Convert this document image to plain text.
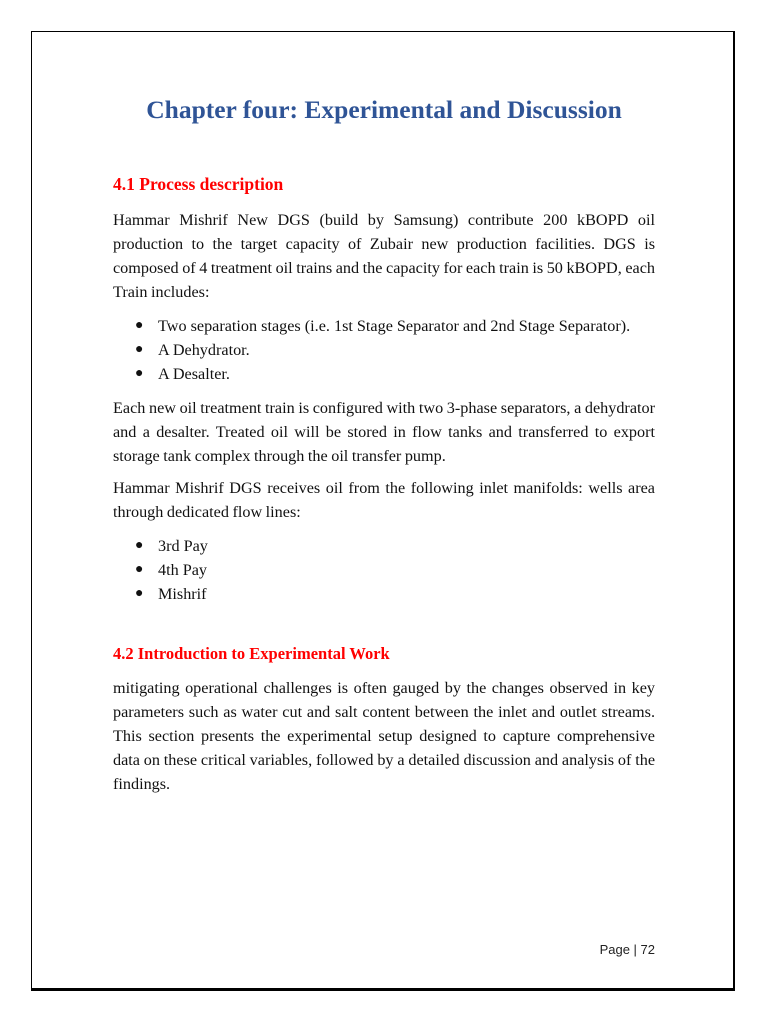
Chapter four: Experimental and Discussion
4.1 Process description

Hammar Mishrif New DGS (build by Samsung) contribute 200 kBOPD oil production to the target capacity of Zubair new production facilities. DGS is composed of 4 treatment oil trains and the capacity for each train is 50 kBOPD, each Train includes:

● Two separation stages (i.e. 1st Stage Separator and 2nd Stage Separator).
● A Dehydrator.
● A Desalter.

Each new oil treatment train is configured with two 3-phase separators, a dehydrator and a desalter. Treated oil will be stored in flow tanks and transferred to export storage tank complex through the oil transfer pump.

Hammar Mishrif DGS receives oil from the following inlet manifolds: wells area through dedicated flow lines:

● 3rd Pay
● 4th Pay
● Mishrif
4.2 Introduction to Experimental Work

mitigating operational challenges is often gauged by the changes observed in key parameters such as water cut and salt content between the inlet and outlet streams. This section presents the experimental setup designed to capture comprehensive data on these critical variables, followed by a detailed discussion and analysis of the findings.

Page | 72
